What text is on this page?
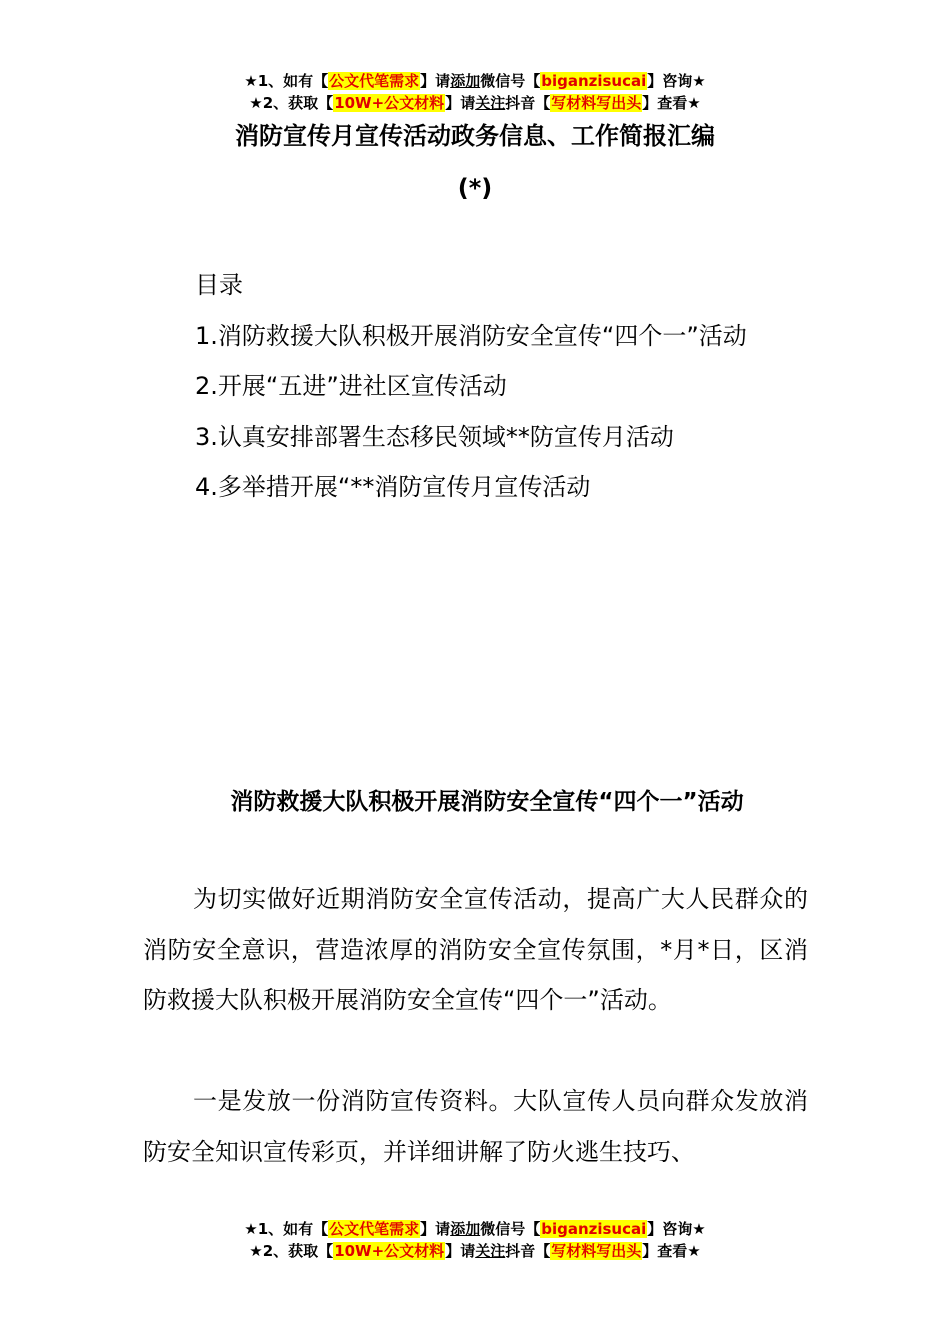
★1、如有【公文代笔需求】请添加微信号【biganzisucai】咨询★
★2、获取【10W+公文材料】请关注抖音【写材料写出头】查看★
消防宣传月宣传活动政务信息、工作简报汇编
(*)
目录
1.消防救援大队积极开展消防安全宣传“四个一”活动
2.开展“五进”进社区宣传活动
3.认真安排部署生态移民领域**防宣传月活动
4.多举措开展“**消防宣传月宣传活动
消防救援大队积极开展消防安全宣传“四个一”活动

为切实做好近期消防安全宣传活动，提高广大人民群众的消防安全意识，营造浓厚的消防安全宣传氛围，*月*日，区消防救援大队积极开展消防安全宣传“四个一”活动。

一是发放一份消防宣传资料。大队宣传人员向群众发放消防安全知识宣传彩页，并详细讲解了防火逃生技巧、

★1、如有【公文代笔需求】请添加微信号【biganzisucai】咨询★
★2、获取【10W+公文材料】请关注抖音【写材料写出头】查看★
